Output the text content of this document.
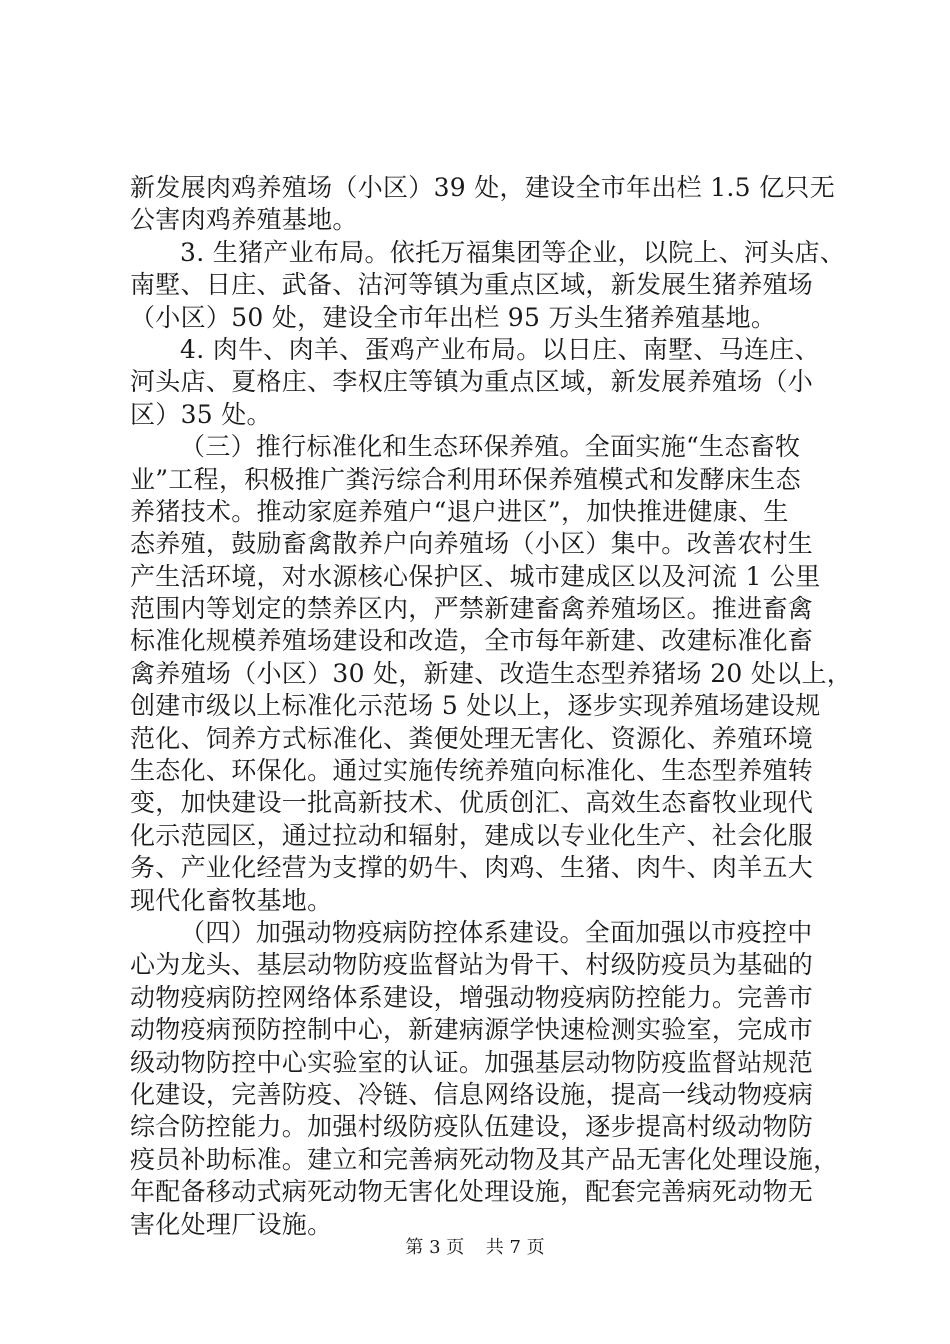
新发展肉鸡养殖场（小区）39 处，建设全市年出栏 1.5 亿只无
公害肉鸡养殖基地。
3. 生猪产业布局。依托万福集团等企业，以院上、河头店、
南墅、日庄、武备、沽河等镇为重点区域，新发展生猪养殖场
（小区）50 处，建设全市年出栏 95 万头生猪养殖基地。
4. 肉牛、肉羊、蛋鸡产业布局。以日庄、南墅、马连庄、
河头店、夏格庄、李权庄等镇为重点区域，新发展养殖场（小
区）35 处。
（三）推行标准化和生态环保养殖。全面实施“生态畜牧
业”工程，积极推广粪污综合利用环保养殖模式和发酵床生态
养猪技术。推动家庭养殖户“退户进区”，加快推进健康、生
态养殖，鼓励畜禽散养户向养殖场（小区）集中。改善农村生
产生活环境，对水源核心保护区、城市建成区以及河流 1 公里
范围内等划定的禁养区内，严禁新建畜禽养殖场区。推进畜禽
标准化规模养殖场建设和改造，全市每年新建、改建标准化畜
禽养殖场（小区）30 处，新建、改造生态型养猪场 20 处以上，
创建市级以上标准化示范场 5 处以上，逐步实现养殖场建设规
范化、饲养方式标准化、粪便处理无害化、资源化、养殖环境
生态化、环保化。通过实施传统养殖向标准化、生态型养殖转
变，加快建设一批高新技术、优质创汇、高效生态畜牧业现代
化示范园区，通过拉动和辐射，建成以专业化生产、社会化服
务、产业化经营为支撑的奶牛、肉鸡、生猪、肉牛、肉羊五大
现代化畜牧基地。
（四）加强动物疫病防控体系建设。全面加强以市疫控中
心为龙头、基层动物防疫监督站为骨干、村级防疫员为基础的
动物疫病防控网络体系建设，增强动物疫病防控能力。完善市
动物疫病预防控制中心，新建病源学快速检测实验室，完成市
级动物防控中心实验室的认证。加强基层动物防疫监督站规范
化建设，完善防疫、冷链、信息网络设施，提高一线动物疫病
综合防控能力。加强村级防疫队伍建设，逐步提高村级动物防
疫员补助标准。建立和完善病死动物及其产品无害化处理设施，
年配备移动式病死动物无害化处理设施，配套完善病死动物无
害化处理厂设施。
第 3 页 共 7 页
